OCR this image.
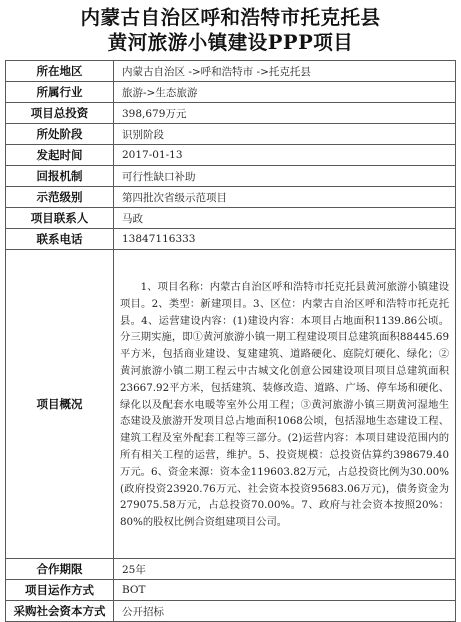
内蒙古自治区呼和浩特市托克托县
黄河旅游小镇建设PPP项目
所在地区	内蒙古自治区 ->呼和浩特市 ->托克托县
所属行业	旅游->生态旅游
项目总投资	398,679万元
所处阶段	识别阶段
发起时间	2017-01-13
回报机制	可行性缺口补助
示范级别	第四批次省级示范项目
项目联系人	马政
联系电话	13847116333
项目概况	1、项目名称：内蒙古自治区呼和浩特市托克托县黄河旅游小镇建设项目。2、类型：新建项目。3、区位：内蒙古自治区呼和浩特市托克托县。4、运营建设内容：(1)建设内容：本项目占地面积1139.86公顷。分三期实施，即①黄河旅游小镇一期工程建设项目总建筑面积88445.69平方米，包括商业建设、复建建筑、道路硬化、庭院灯硬化、绿化；②黄河旅游小镇二期工程云中古城文化创意公园建设项目项目总建筑面积23667.92平方米，包括建筑、装修改造、道路、广场、停车场和硬化、绿化以及配套水电暖等室外公用工程；③黄河旅游小镇三期黄河湿地生态建设及旅游开发项目总占地面积1068公顷，包括湿地生态建设工程、建筑工程及室外配套工程等三部分。(2)运营内容：本项目建设范围内的所有相关工程的运营，维护。5、投资规模：总投资估算约398679.40万元。6、资金来源：资本金119603.82万元，占总投资比例为30.00%(政府投资23920.76万元、社会资本投资95683.06万元)，债务资金为279075.58万元，占总投资70.00%。7、政府与社会资本按照20%：80%的股权比例合资组建项目公司。

合作期限	25年
项目运作方式	BOT
采购社会资本方式	公开招标
